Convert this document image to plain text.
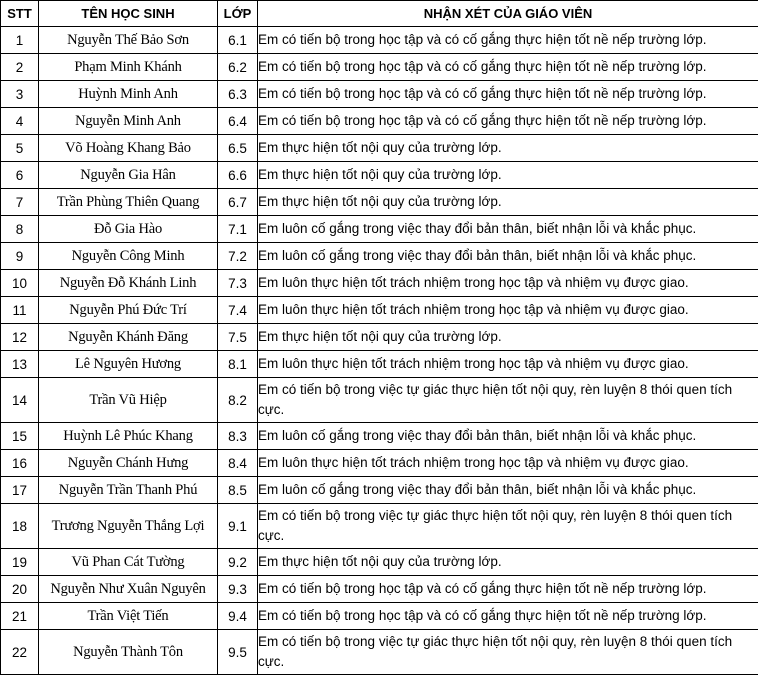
STT	TÊN HỌC SINH	LỚP	NHẬN XÉT CỦA GIÁO VIÊN
1	Nguyễn Thế Bảo Sơn	6.1	Em có tiến bộ trong học tập và có cố gắng thực hiện tốt nề nếp trường lớp.
2	Phạm Minh Khánh	6.2	Em có tiến bộ trong học tập và có cố gắng thực hiện tốt nề nếp trường lớp.
3	Huỳnh Minh Anh	6.3	Em có tiến bộ trong học tập và có cố gắng thực hiện tốt nề nếp trường lớp.
4	Nguyễn Minh Anh	6.4	Em có tiến bộ trong học tập và có cố gắng thực hiện tốt nề nếp trường lớp.
5	Võ Hoàng Khang Bảo	6.5	Em thực hiện tốt nội quy của trường lớp.
6	Nguyễn Gia Hân	6.6	Em thực hiện tốt nội quy của trường lớp.
7	Trần Phùng Thiên Quang	6.7	Em thực hiện tốt nội quy của trường lớp.
8	Đỗ Gia Hào	7.1	Em luôn cố gắng trong việc thay đổi bản thân, biết nhận lỗi và khắc phục.
9	Nguyễn Công Minh	7.2	Em luôn cố gắng trong việc thay đổi bản thân, biết nhận lỗi và khắc phục.
10	Nguyễn Đỗ Khánh Linh	7.3	Em luôn thực hiện tốt trách nhiệm trong học tập và nhiệm vụ được giao.
11	Nguyễn Phú Đức Trí	7.4	Em luôn thực hiện tốt trách nhiệm trong học tập và nhiệm vụ được giao.
12	Nguyễn Khánh Đăng	7.5	Em thực hiện tốt nội quy của trường lớp.
13	Lê Nguyên Hương	8.1	Em luôn thực hiện tốt trách nhiệm trong học tập và nhiệm vụ được giao.
14	Trần Vũ Hiệp	8.2	Em có tiến bộ trong việc tự giác thực hiện tốt nội quy, rèn luyện 8 thói quen tích cực.
15	Huỳnh Lê Phúc Khang	8.3	Em luôn cố gắng trong việc thay đổi bản thân, biết nhận lỗi và khắc phục.
16	Nguyễn Chánh Hưng	8.4	Em luôn thực hiện tốt trách nhiệm trong học tập và nhiệm vụ được giao.
17	Nguyễn Trần Thanh Phú	8.5	Em luôn cố gắng trong việc thay đổi bản thân, biết nhận lỗi và khắc phục.
18	Trương Nguyễn Thắng Lợi	9.1	Em có tiến bộ trong việc tự giác thực hiện tốt nội quy, rèn luyện 8 thói quen tích cực.
19	Vũ Phan Cát Tường	9.2	Em thực hiện tốt nội quy của trường lớp.
20	Nguyễn Như Xuân Nguyên	9.3	Em có tiến bộ trong học tập và có cố gắng thực hiện tốt nề nếp trường lớp.
21	Trần Việt Tiến	9.4	Em có tiến bộ trong học tập và có cố gắng thực hiện tốt nề nếp trường lớp.
22	Nguyễn Thành Tôn	9.5	Em có tiến bộ trong việc tự giác thực hiện tốt nội quy, rèn luyện 8 thói quen tích cực.
